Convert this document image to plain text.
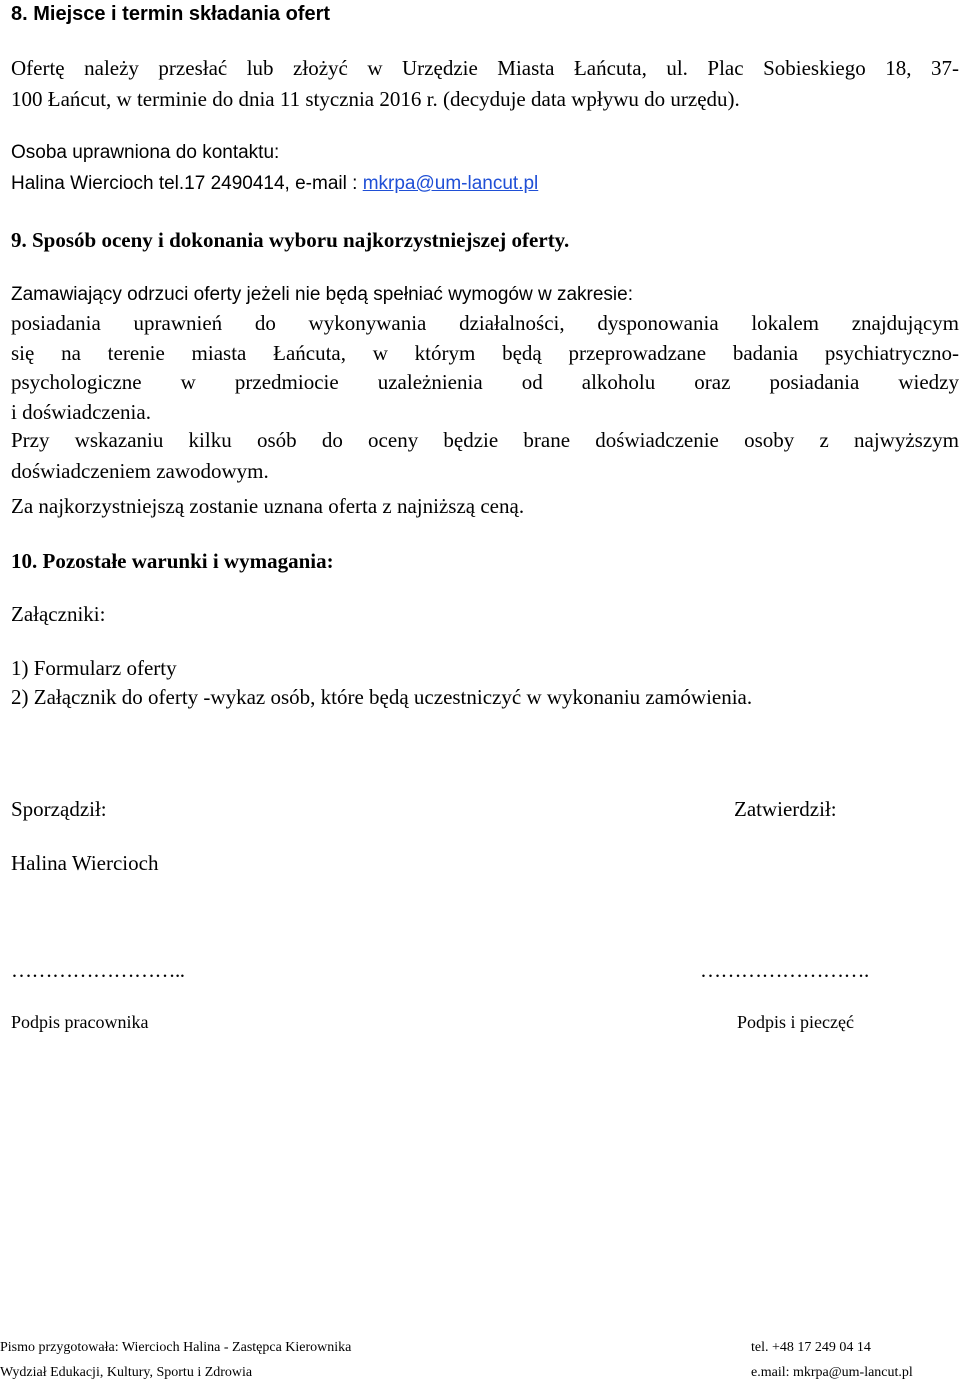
8. Miejsce i termin składania ofert
Ofertę należy przesłać lub złożyć w Urzędzie Miasta Łańcuta, ul. Plac Sobieskiego 18, 37-
100 Łańcut, w terminie do dnia 11 stycznia 2016 r. (decyduje data wpływu do urzędu).
Osoba uprawniona do kontaktu:
Halina Wiercioch tel.17 2490414, e-mail : mkrpa@um-lancut.pl
9. Sposób oceny i dokonania wyboru najkorzystniejszej oferty.
Zamawiający odrzuci oferty jeżeli nie będą spełniać wymogów w zakresie:
posiadania uprawnień do wykonywania działalności, dysponowania lokalem znajdującym
się na terenie miasta Łańcuta, w którym będą przeprowadzane badania psychiatryczno-
psychologiczne w przedmiocie uzależnienia od alkoholu oraz posiadania wiedzy
i doświadczenia.
Przy wskazaniu kilku osób do oceny będzie brane doświadczenie osoby z najwyższym
doświadczeniem zawodowym.
Za najkorzystniejszą zostanie uznana oferta z najniższą ceną.
10. Pozostałe warunki i wymagania:
Załączniki:
1) Formularz oferty
2) Załącznik do oferty -wykaz osób, które będą uczestniczyć w wykonaniu zamówienia.
Sporządził:	Zatwierdził:
Halina Wiercioch
……………………..	…………………….
Podpis pracownika	Podpis i pieczęć
Pismo przygotowała: Wiercioch Halina - Zastępca Kierownika
Wydział Edukacji, Kultury, Sportu i Zdrowia
tel. +48 17 249 04 14
e.mail: mkrpa@um-lancut.pl
